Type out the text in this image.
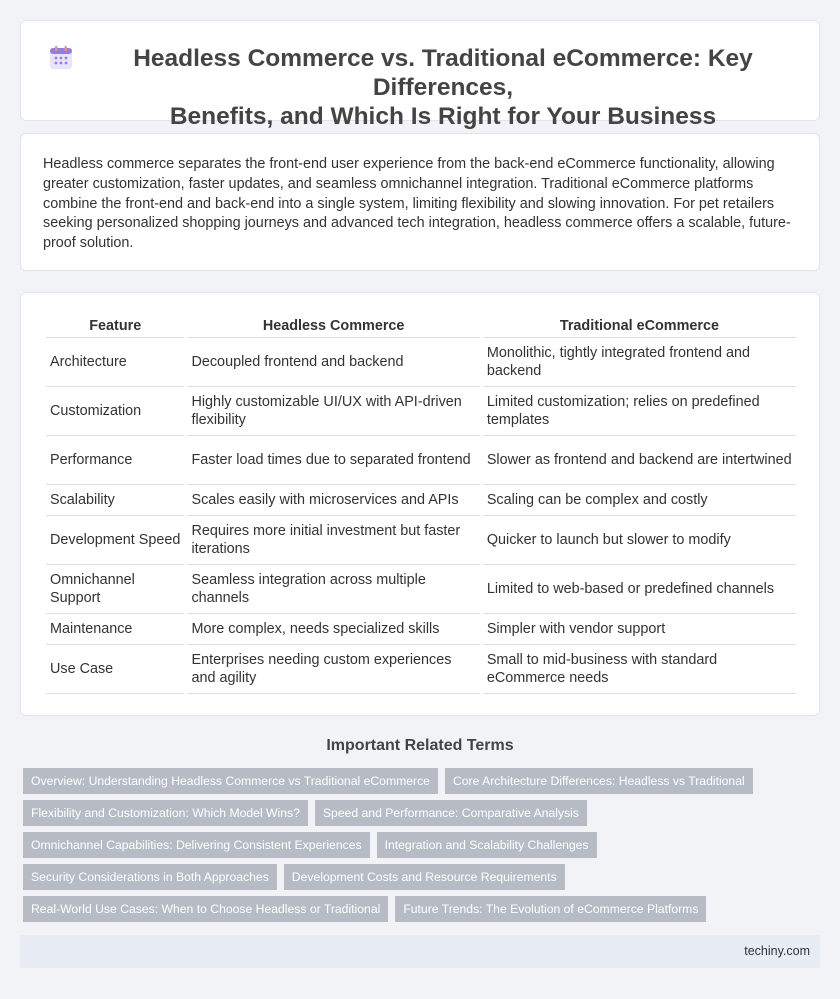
Headless Commerce vs. Traditional eCommerce: Key Differences,
Benefits, and Which Is Right for Your Business

Headless commerce separates the front-end user experience from the back-end eCommerce functionality, allowing greater customization, faster updates, and seamless omnichannel integration. Traditional eCommerce platforms combine the front-end and back-end into a single system, limiting flexibility and slowing innovation. For pet retailers seeking personalized shopping journeys and advanced tech integration, headless commerce offers a scalable, future-proof solution.

Feature	Headless Commerce	Traditional eCommerce
Architecture	Decoupled frontend and backend	Monolithic, tightly integrated frontend and backend
Customization	Highly customizable UI/UX with API-driven flexibility	Limited customization; relies on predefined templates
Performance	Faster load times due to separated frontend	Slower as frontend and backend are intertwined
Scalability	Scales easily with microservices and APIs	Scaling can be complex and costly
Development Speed	Requires more initial investment but faster iterations	Quicker to launch but slower to modify
Omnichannel Support	Seamless integration across multiple channels	Limited to web-based or predefined channels
Maintenance	More complex, needs specialized skills	Simpler with vendor support
Use Case	Enterprises needing custom experiences and agility	Small to mid-business with standard eCommerce needs
Important Related Terms
Overview: Understanding Headless Commerce vs Traditional eCommerce	Core Architecture Differences: Headless vs Traditional
Flexibility and Customization: Which Model Wins?	Speed and Performance: Comparative Analysis
Omnichannel Capabilities: Delivering Consistent Experiences	Integration and Scalability Challenges
Security Considerations in Both Approaches	Development Costs and Resource Requirements
Real-World Use Cases: When to Choose Headless or Traditional	Future Trends: The Evolution of eCommerce Platforms
techiny.com
